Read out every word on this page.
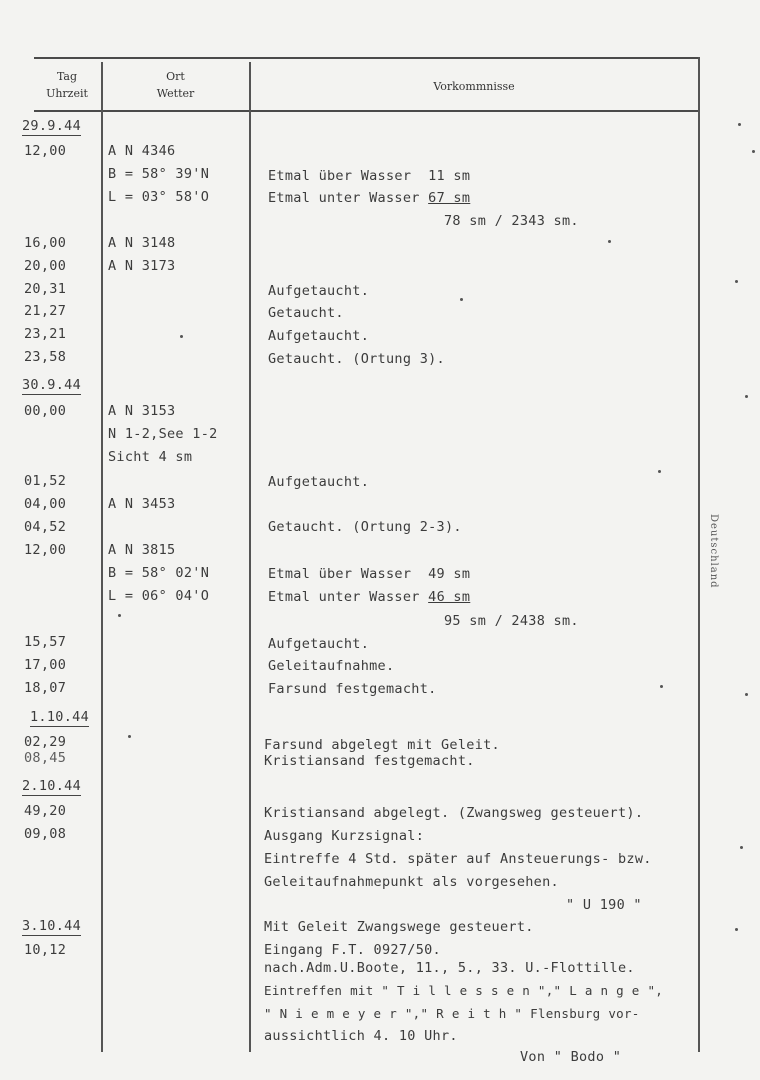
Tag
Uhrzeit
Ort
Wetter
Vorkommnisse
Deutschland
29.9.44
30.9.44
1.10.44
2.10.44
3.10.44
12,00
16,00
20,00
20,31
21,27
23,21
23,58
00,00
01,52
04,00
04,52
12,00
15,57
17,00
18,07
02,29
08,45
49,20
09,08
10,12
A N 4346
B = 58° 39'N
L = 03° 58'O
A N 3148
A N 3173
A N 3153
N 1-2,See 1-2
Sicht 4 sm
A N 3453
A N 3815
B = 58° 02'N
L = 06° 04'O
Etmal über Wasser  11 sm
Etmal unter Wasser 67 sm
78 sm / 2343 sm.
Aufgetaucht.
Getaucht.
Aufgetaucht.
Getaucht. (Ortung 3).
Aufgetaucht.
Getaucht. (Ortung 2-3).
Etmal über Wasser  49 sm
Etmal unter Wasser 46 sm
95 sm / 2438 sm.
Aufgetaucht.
Geleitaufnahme.
Farsund festgemacht.
Farsund abgelegt mit Geleit.
Kristiansand festgemacht.
Kristiansand abgelegt. (Zwangsweg gesteuert).
Ausgang Kurzsignal:
Eintreffe 4 Std. später auf Ansteuerungs- bzw.
Geleitaufnahmepunkt als vorgesehen.
" U 190 "
Mit Geleit Zwangswege gesteuert.
Eingang F.T. 0927/50.
nach.Adm.U.Boote, 11., 5., 33. U.-Flottille.
Eintreffen mit " T i l l e s s e n "," L a n g e ",
" N i e m e y e r "," R e i t h " Flensburg vor-
aussichtlich 4. 10 Uhr.
Von " Bodo "
